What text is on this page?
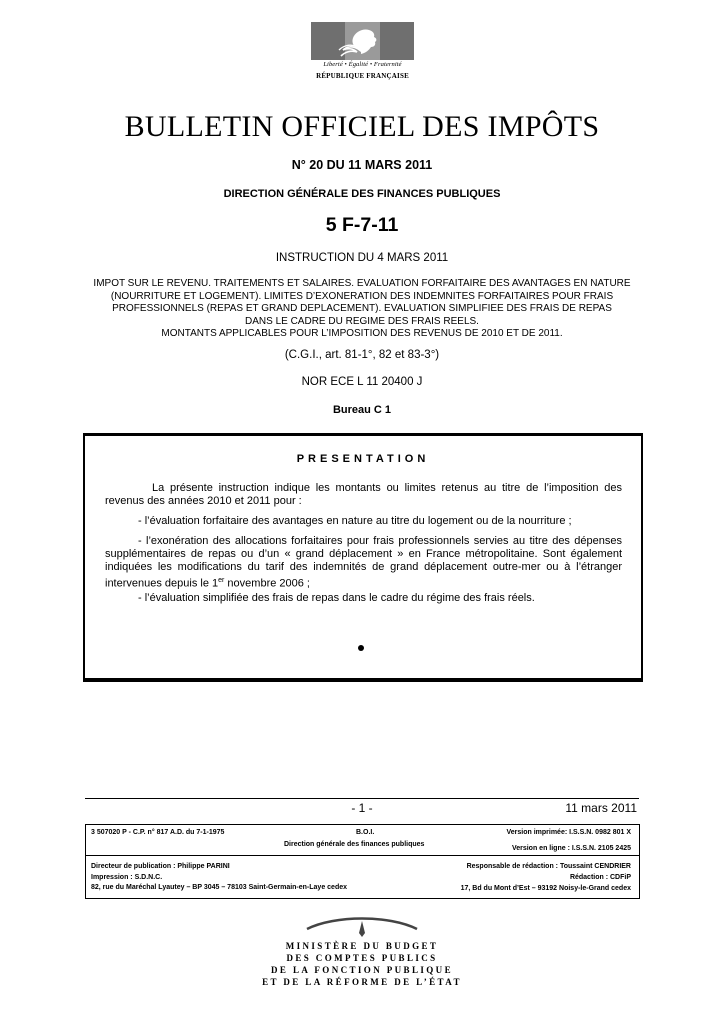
Liberté • Égalité • Fraternité
RÉPUBLIQUE FRANÇAISE
BULLETIN OFFICIEL DES IMPÔTS
N° 20 DU 11 MARS 2011
DIRECTION GÉNÉRALE DES FINANCES PUBLIQUES
5 F-7-11
INSTRUCTION DU 4 MARS 2011
IMPOT SUR LE REVENU. TRAITEMENTS ET SALAIRES. EVALUATION FORFAITAIRE DES AVANTAGES EN NATURE
(NOURRITURE ET LOGEMENT). LIMITES D’EXONERATION DES INDEMNITES FORFAITAIRES POUR FRAIS
PROFESSIONNELS (REPAS ET GRAND DEPLACEMENT). EVALUATION SIMPLIFIEE DES FRAIS DE REPAS
DANS LE CADRE DU REGIME DES FRAIS REELS.
MONTANTS APPLICABLES POUR L’IMPOSITION DES REVENUS DE 2010 ET DE 2011.
(C.G.I., art. 81-1°, 82 et 83-3°)
NOR ECE L 11 20400 J
Bureau C 1
PRESENTATION
La présente instruction indique les montants ou limites retenus au titre de l’imposition des revenus des années 2010 et 2011 pour :
- l’évaluation forfaitaire des avantages en nature au titre du logement ou de la nourriture ;
- l’exonération des allocations forfaitaires pour frais professionnels servies au titre des dépenses supplémentaires de repas ou d’un « grand déplacement » en France métropolitaine. Sont également indiquées les modifications du tarif des indemnités de grand déplacement outre-mer ou à l’étranger intervenues depuis le 1er novembre 2006 ;
- l’évaluation simplifiée des frais de repas dans le cadre du régime des frais réels.
- 1 -	11 mars 2011
3 507020 P - C.P. n° 817 A.D. du 7-1-1975	B.O.I.
Direction générale des finances publiques
Version imprimée: I.S.S.N. 0982 801 X
Version en ligne : I.S.S.N. 2105 2425
Directeur de publication : Philippe PARINI
Impression : S.D.N.C.
82, rue du Maréchal Lyautey – BP 3045 – 78103 Saint-Germain-en-Laye cedex
Responsable de rédaction : Toussaint CENDRIER
Rédaction : CDFiP
17, Bd du Mont d’Est – 93192 Noisy-le-Grand cedex
MINISTÈRE DU BUDGET
DES COMPTES PUBLICS
DE LA FONCTION PUBLIQUE
ET DE LA RÉFORME DE L’ÉTAT
